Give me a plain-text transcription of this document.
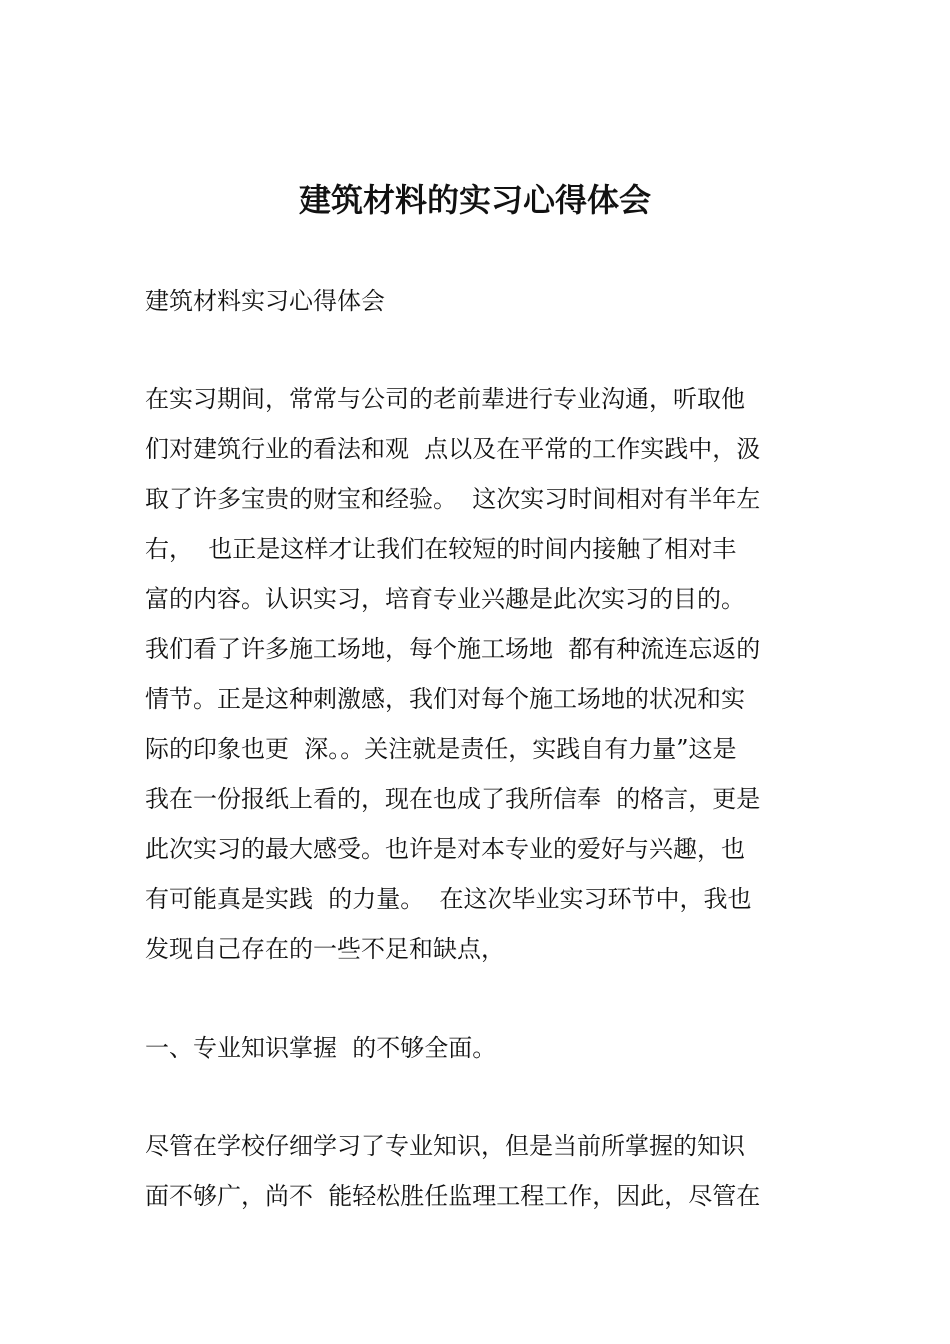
建筑材料的实习心得体会
建筑材料实习心得体会
在实习期间，常常与公司的老前辈进行专业沟通，听取他
们对建筑行业的看法和观  点以及在平常的工作实践中，汲
取了许多宝贵的财宝和经验。  这次实习时间相对有半年左
右，  也正是这样才让我们在较短的时间内接触了相对丰
富的内容。认识实习，培育专业兴趣是此次实习的目的。
我们看了许多施工场地，每个施工场地  都有种流连忘返的
情节。正是这种刺激感，我们对每个施工场地的状况和实
际的印象也更  深。。关注就是责任，实践自有力量”这是
我在一份报纸上看的，现在也成了我所信奉  的格言，更是
此次实习的最大感受。也许是对本专业的爱好与兴趣，也
有可能真是实践  的力量。  在这次毕业实习环节中，我也
发现自己存在的一些不足和缺点，
一、专业知识掌握  的不够全面。
尽管在学校仔细学习了专业知识，但是当前所掌握的知识
面不够广，尚不  能轻松胜任监理工程工作，因此，尽管在
